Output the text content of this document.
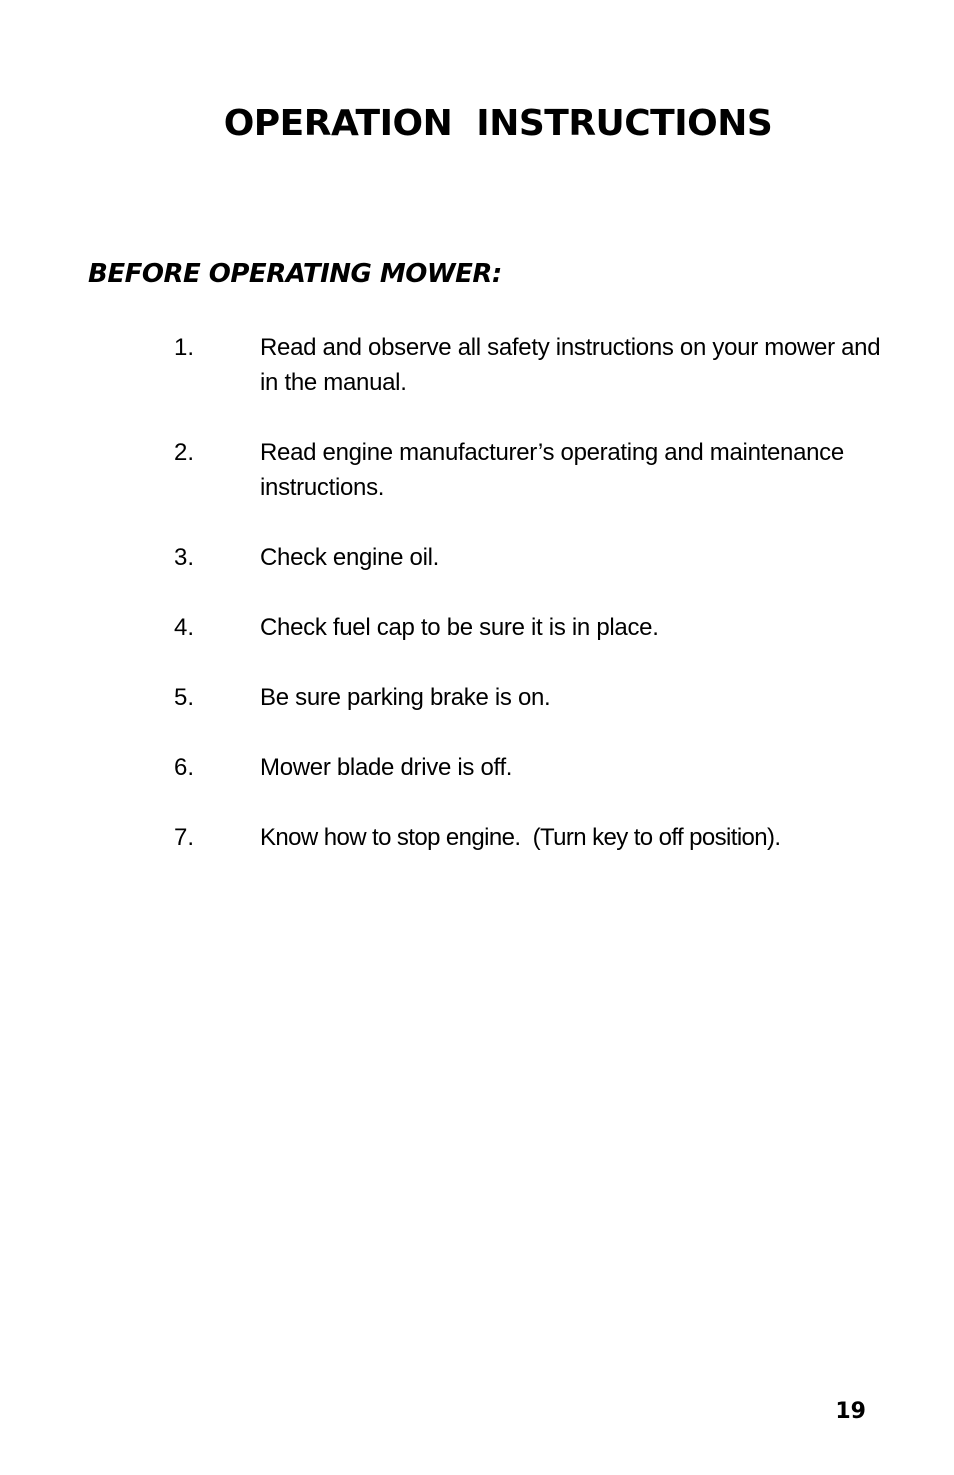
OPERATION  INSTRUCTIONS
BEFORE OPERATING MOWER:
1.	Read and observe all safety instructions on your mower and in the manual.
2.	Read engine manufacturer’s operating and maintenance instructions.
3.	Check engine oil.
4.	Check fuel cap to be sure it is in place.
5.	Be sure parking brake is on.
6.	Mower blade drive is off.
7.	Know how to stop engine.  (Turn key to off position).
19
